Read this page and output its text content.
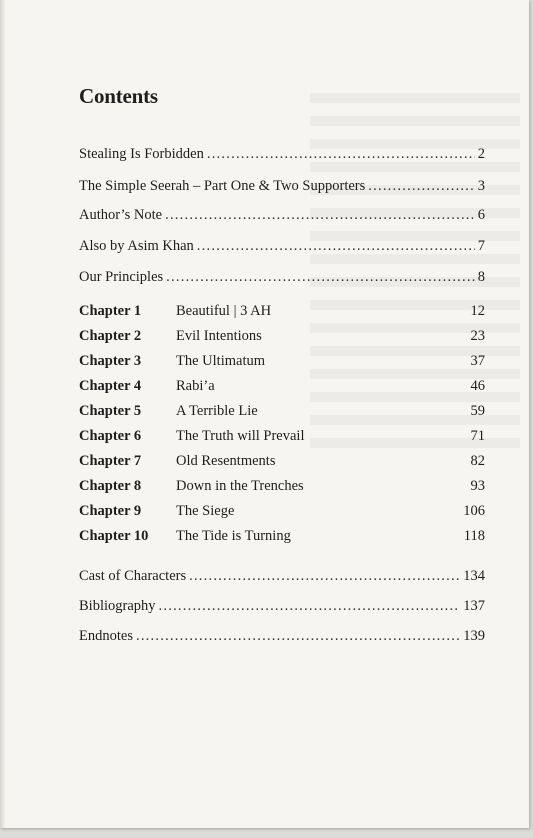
Contents
Stealing Is Forbidden . . .	2
The Simple Seerah – Part One & Two Supporters . . .	3
Author’s Note . . .	6
Also by Asim Khan . . .	7
Our Principles . . .	8
Chapter 1	Beautiful | 3 AH	12
Chapter 2	Evil Intentions	23
Chapter 3	The Ultimatum	37
Chapter 4	Rabi’a	46
Chapter 5	A Terrible Lie	59
Chapter 6	The Truth will Prevail	71
Chapter 7	Old Resentments	82
Chapter 8	Down in the Trenches	93
Chapter 9	The Siege	106
Chapter 10	The Tide is Turning	118
Cast of Characters . . .	134
Bibliography . . .	137
Endnotes . . .	139
